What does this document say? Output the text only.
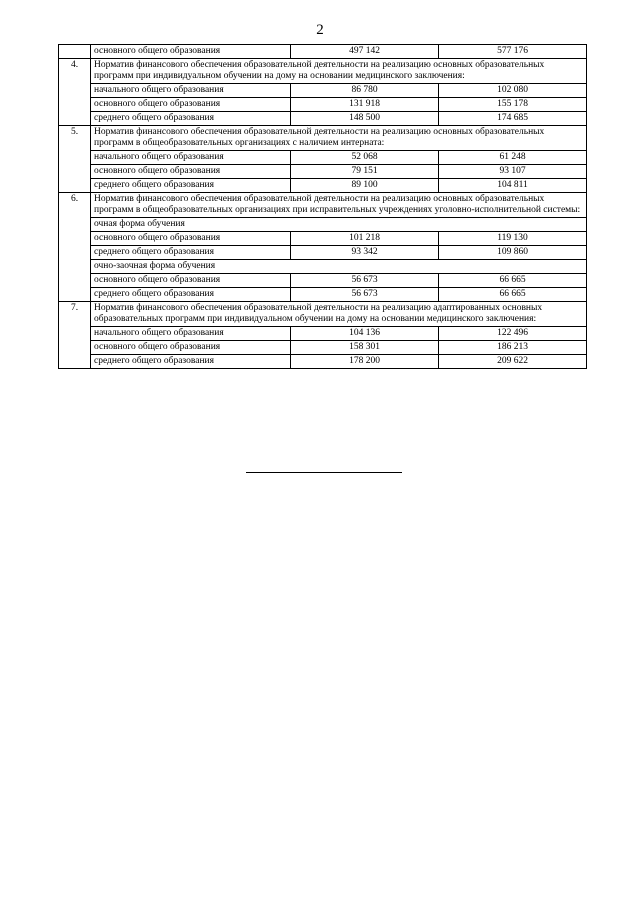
2
	основного общего образования	497 142	577 176
4.	Норматив финансового обеспечения образовательной деятельности на реализацию основных образовательных программ при индивидуальном обучении на дому на основании медицинского заключения:		
	начального общего образования	86 780	102 080
	основного общего образования	131 918	155 178
	среднего общего образования	148 500	174 685
5.	Норматив финансового обеспечения образовательной деятельности на реализацию основных образовательных программ в общеобразовательных организациях с наличием интерната:		
	начального общего образования	52 068	61 248
	основного общего образования	79 151	93 107
	среднего общего образования	89 100	104 811
6.	Норматив финансового обеспечения образовательной деятельности на реализацию основных образовательных программ в общеобразовательных организациях при исправительных учреждениях уголовно-исполнительной системы:		
	очная форма обучения		
	основного общего образования	101 218	119 130
	среднего общего образования	93 342	109 860
	очно-заочная форма обучения		
	основного общего образования	56 673	66 665
	среднего общего образования	56 673	66 665
7.	Норматив финансового обеспечения образовательной деятельности на реализацию адаптированных основных образовательных программ при индивидуальном обучении на дому на основании медицинского заключения:		
	начального общего образования	104 136	122 496
	основного общего образования	158 301	186 213
	среднего общего образования	178 200	209 622
